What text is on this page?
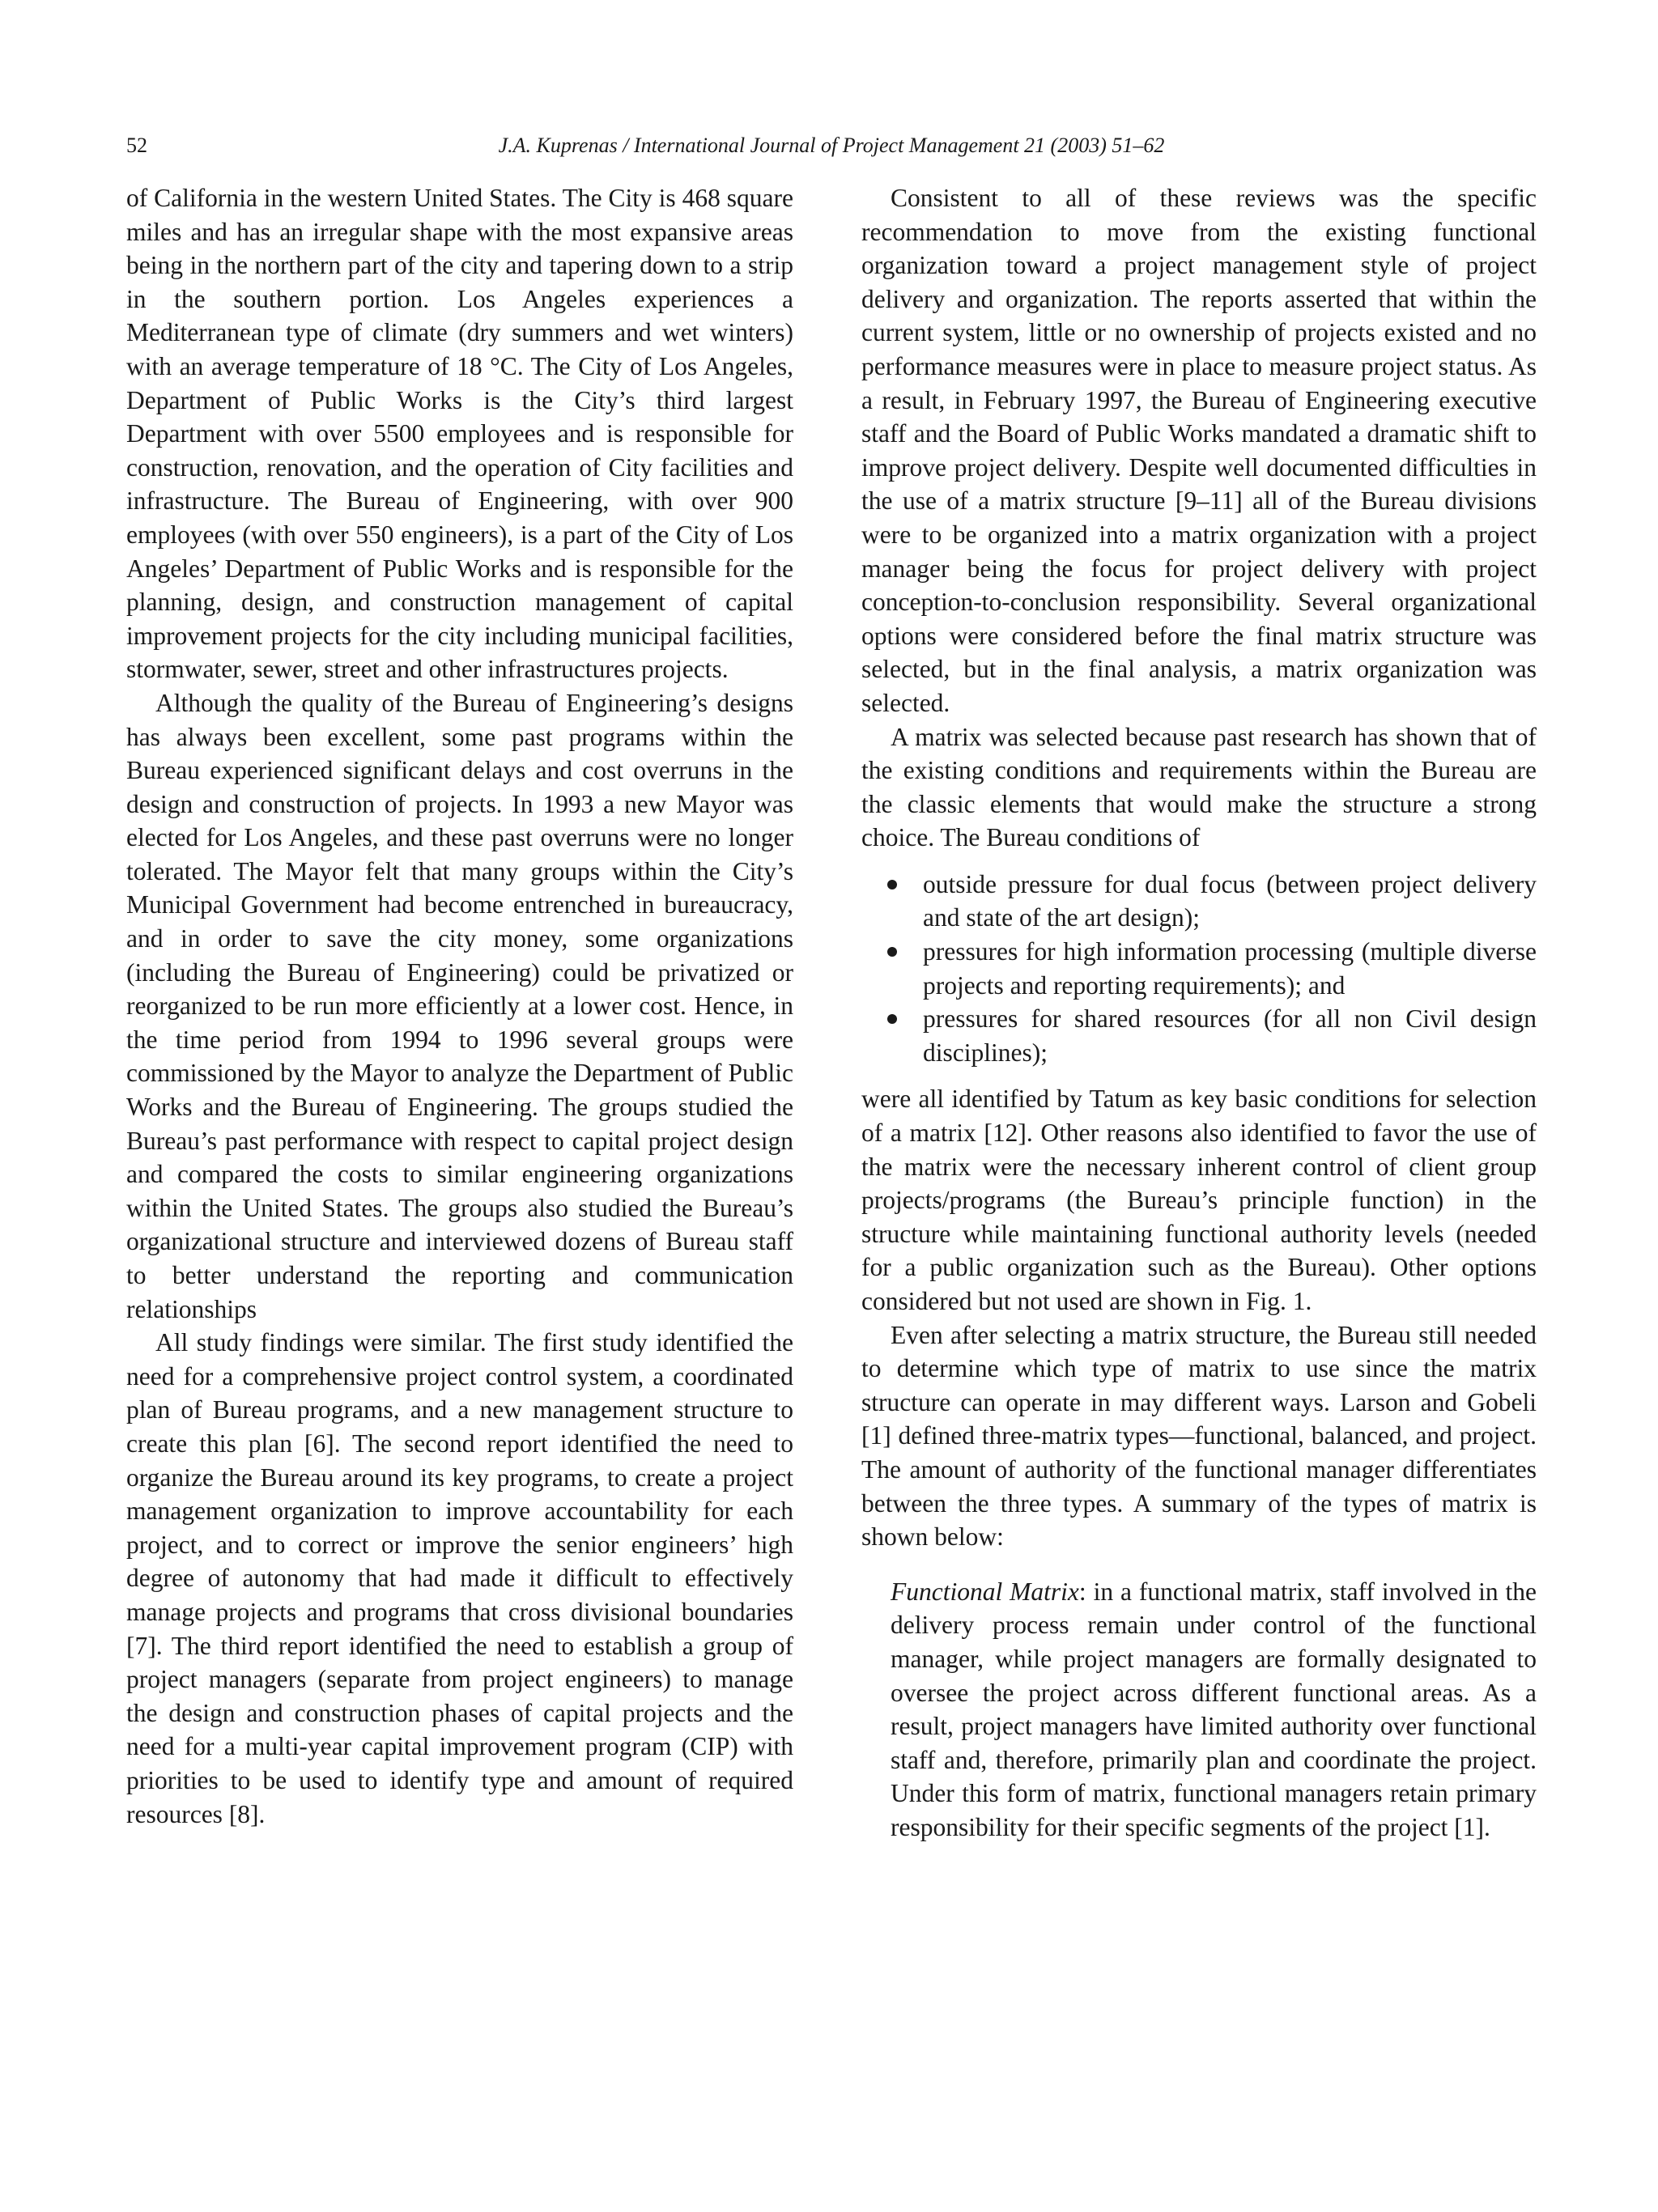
52	J.A. Kuprenas / International Journal of Project Management 21 (2003) 51–62

of California in the western United States. The City is 468 square miles and has an irregular shape with the most expansive areas being in the northern part of the city and tapering down to a strip in the southern portion. Los Angeles experiences a Mediterranean type of climate (dry summers and wet winters) with an average temperature of 18 °C. The City of Los Angeles, Department of Public Works is the City’s third largest Department with over 5500 employees and is responsible for construction, renovation, and the operation of City facilities and infrastructure. The Bureau of Engineering, with over 900 employees (with over 550 engineers), is a part of the City of Los Angeles’ Department of Public Works and is responsible for the planning, design, and construction management of capital improvement projects for the city including municipal facilities, stormwater, sewer, street and other infrastructures projects.

Although the quality of the Bureau of Engineering’s designs has always been excellent, some past programs within the Bureau experienced significant delays and cost overruns in the design and construction of projects. In 1993 a new Mayor was elected for Los Angeles, and these past overruns were no longer tolerated. The Mayor felt that many groups within the City’s Municipal Government had become entrenched in bureaucracy, and in order to save the city money, some organizations (including the Bureau of Engineering) could be privatized or reorganized to be run more efficiently at a lower cost. Hence, in the time period from 1994 to 1996 several groups were commissioned by the Mayor to analyze the Department of Public Works and the Bureau of Engineering. The groups studied the Bureau’s past performance with respect to capital project design and compared the costs to similar engineering organizations within the United States. The groups also studied the Bureau’s organizational structure and interviewed dozens of Bureau staff to better understand the reporting and communication relationships

All study findings were similar. The first study identified the need for a comprehensive project control system, a coordinated plan of Bureau programs, and a new management structure to create this plan [6]. The second report identified the need to organize the Bureau around its key programs, to create a project management organization to improve accountability for each project, and to correct or improve the senior engineers’ high degree of autonomy that had made it difficult to effectively manage projects and programs that cross divisional boundaries [7]. The third report identified the need to establish a group of project managers (separate from project engineers) to manage the design and construction phases of capital projects and the need for a multi-year capital improvement program (CIP) with priorities to be used to identify type and amount of required resources [8].

Consistent to all of these reviews was the specific recommendation to move from the existing functional organization toward a project management style of project delivery and organization. The reports asserted that within the current system, little or no ownership of projects existed and no performance measures were in place to measure project status. As a result, in February 1997, the Bureau of Engineering executive staff and the Board of Public Works mandated a dramatic shift to improve project delivery. Despite well documented difficulties in the use of a matrix structure [9–11] all of the Bureau divisions were to be organized into a matrix organization with a project manager being the focus for project delivery with project conception-to-conclusion responsibility. Several organizational options were considered before the final matrix structure was selected, but in the final analysis, a matrix organization was selected.

A matrix was selected because past research has shown that of the existing conditions and requirements within the Bureau are the classic elements that would make the structure a strong choice. The Bureau conditions of

outside pressure for dual focus (between project delivery and state of the art design);
pressures for high information processing (multiple diverse projects and reporting requirements); and
pressures for shared resources (for all non Civil design disciplines);

were all identified by Tatum as key basic conditions for selection of a matrix [12]. Other reasons also identified to favor the use of the matrix were the necessary inherent control of client group projects/programs (the Bureau’s principle function) in the structure while maintaining functional authority levels (needed for a public organization such as the Bureau). Other options considered but not used are shown in Fig. 1.

Even after selecting a matrix structure, the Bureau still needed to determine which type of matrix to use since the matrix structure can operate in may different ways. Larson and Gobeli [1] defined three-matrix types—functional, balanced, and project. The amount of authority of the functional manager differentiates between the three types. A summary of the types of matrix is shown below:

Functional Matrix: in a functional matrix, staff involved in the delivery process remain under control of the functional manager, while project managers are formally designated to oversee the project across different functional areas. As a result, project managers have limited authority over functional staff and, therefore, primarily plan and coordinate the project. Under this form of matrix, functional managers retain primary responsibility for their specific segments of the project [1].
